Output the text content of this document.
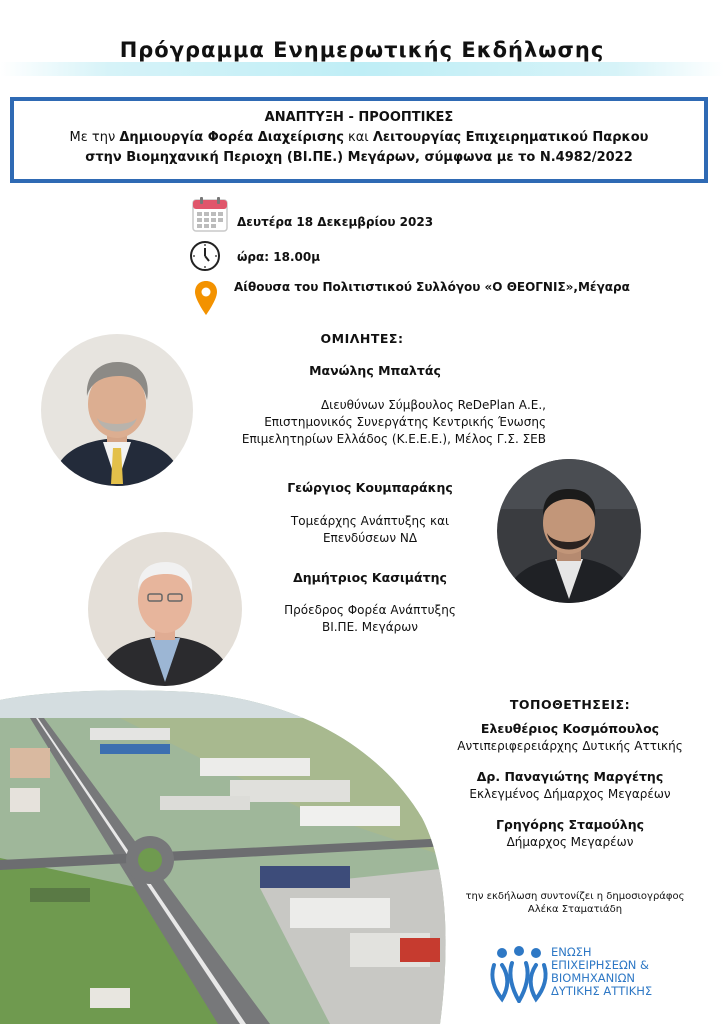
Πρόγραμμα Ενημερωτικής Εκδήλωσης
ΑΝΑΠΤΥΞΗ - ΠΡΟΟΠΤΙΚΕΣ
Με την Δημιουργία Φορέα Διαχείρισης και Λειτουργίας Επιχειρηματικού Παρκου
στην Βιομηχανική Περιοχη (ΒΙ.ΠΕ.) Μεγάρων, σύμφωνα με το Ν.4982/2022
Δευτέρα 18 Δεκεμβρίου 2023
ώρα: 18.00μ
Αίθουσα του Πολιτιστικού Συλλόγου «Ο ΘΕΟΓΝΙΣ»,Μέγαρα
ΟΜΙΛΗΤΕΣ:
Μανώλης Μπαλτάς
Διευθύνων Σύμβουλος ReDePlan Α.Ε.,
Επιστημονικός Συνεργάτης Κεντρικής Ένωσης
Επιμελητηρίων Ελλάδος (Κ.Ε.Ε.Ε.), Μέλος Γ.Σ. ΣΕΒ
Γεώργιος Κουμπαράκης
Τομεάρχης Ανάπτυξης και
Επενδύσεων ΝΔ
Δημήτριος Κασιμάτης
Πρόεδρος Φορέα Ανάπτυξης
ΒΙ.ΠΕ. Μεγάρων
ΤΟΠΟΘΕΤΗΣΕΙΣ:
Ελευθέριος Κοσμόπουλος
Αντιπεριφερειάρχης Δυτικής Αττικής
Δρ. Παναγιώτης Μαργέτης
Εκλεγμένος Δήμαρχος Μεγαρέων
Γρηγόρης Σταμούλης
Δήμαρχος Μεγαρέων
την εκδήλωση συντονίζει η δημοσιογράφος
Αλέκα Σταματιάδη
ΕΝΩΣΗ
ΕΠΙΧΕΙΡΗΣΕΩΝ &
ΒΙΟΜΗΧΑΝΙΩΝ
ΔΥΤΙΚΗΣ ΑΤΤΙΚΗΣ
